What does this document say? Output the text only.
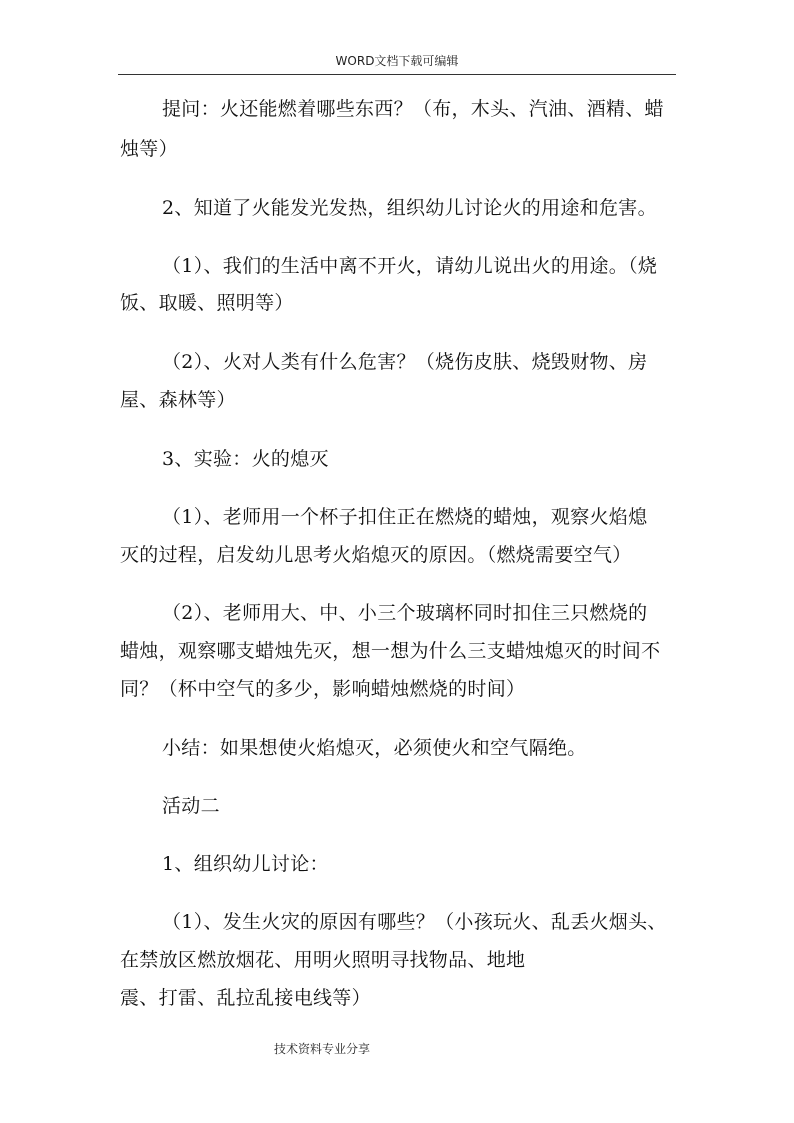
WORD文档下载可编辑
提问：火还能燃着哪些东西？（布，木头、汽油、酒精、蜡
烛等）
2、知道了火能发光发热，组织幼儿讨论火的用途和危害。
（1）、我们的生活中离不开火，请幼儿说出火的用途。（烧
饭、取暖、照明等）
（2）、火对人类有什么危害？（烧伤皮肤、烧毁财物、房
屋、森林等）
3、实验：火的熄灭
（1）、老师用一个杯子扣住正在燃烧的蜡烛，观察火焰熄
灭的过程，启发幼儿思考火焰熄灭的原因。（燃烧需要空气）
（2）、老师用大、中、小三个玻璃杯同时扣住三只燃烧的
蜡烛，观察哪支蜡烛先灭，想一想为什么三支蜡烛熄灭的时间不
同？（杯中空气的多少，影响蜡烛燃烧的时间）
小结：如果想使火焰熄灭，必须使火和空气隔绝。
活动二
1、组织幼儿讨论：
（1）、发生火灾的原因有哪些？（小孩玩火、乱丢火烟头、
在禁放区燃放烟花、用明火照明寻找物品、地地
震、打雷、乱拉乱接电线等）
技术资料专业分享
